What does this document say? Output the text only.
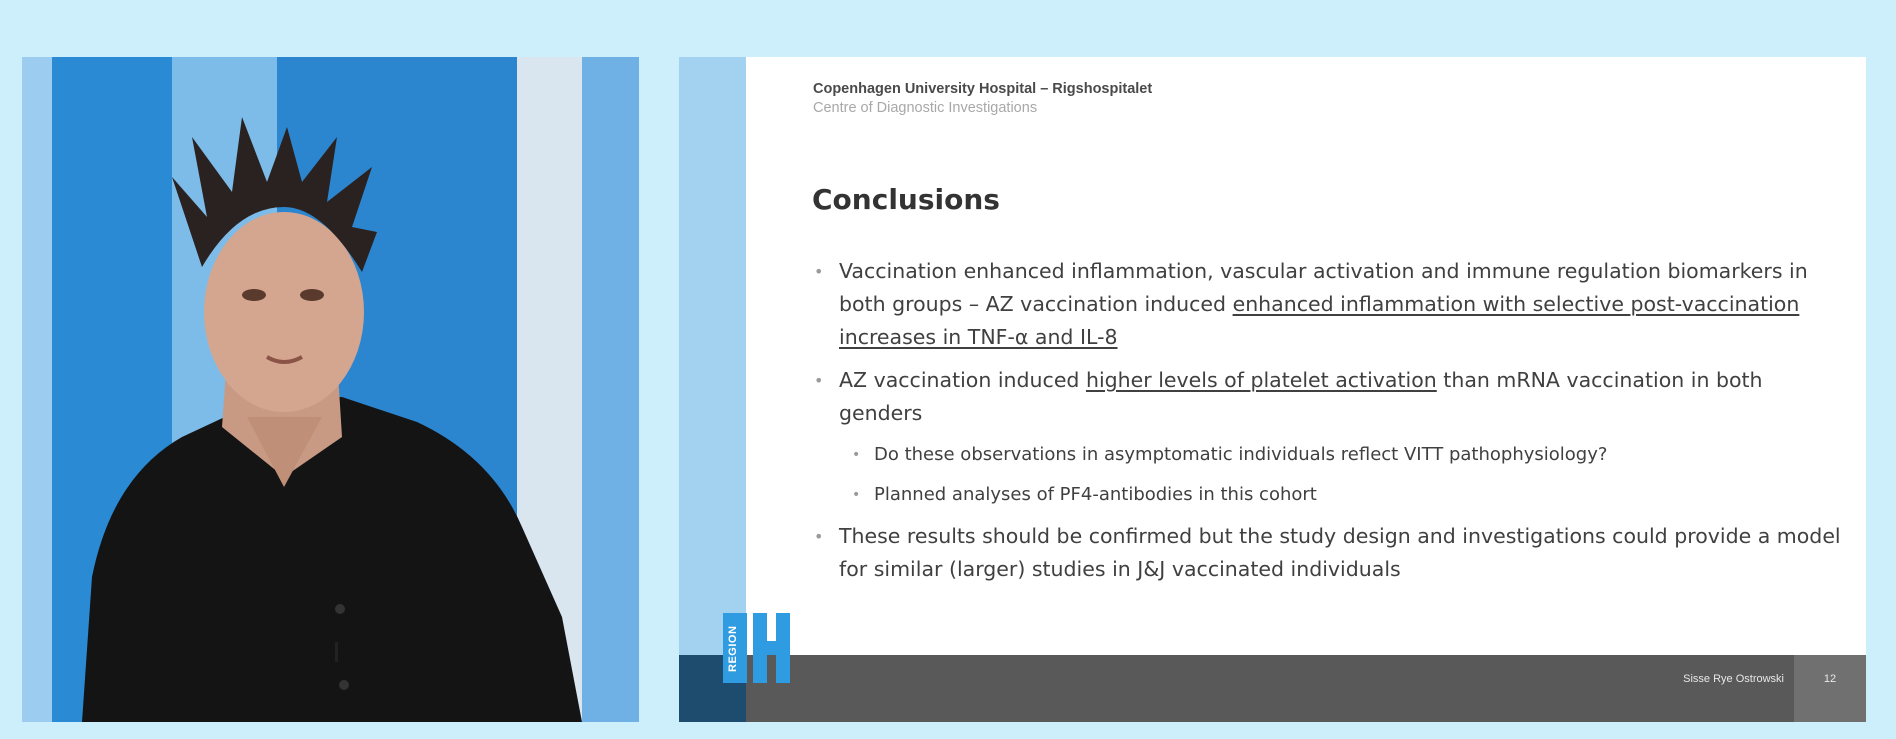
Copenhagen University Hospital – Rigshospitalet
Centre of Diagnostic Investigations
Conclusions
• Vaccination enhanced inflammation, vascular activation and immune regulation biomarkers in both groups – AZ vaccination induced enhanced inflammation with selective post-vaccination increases in TNF-α and IL-8
• AZ vaccination induced higher levels of platelet activation than mRNA vaccination in both genders
• Do these observations in asymptomatic individuals reflect VITT pathophysiology?
• Planned analyses of PF4-antibodies in this cohort
• These results should be confirmed but the study design and investigations could provide a model for similar (larger) studies in J&J vaccinated individuals
Sisse Rye Ostrowski	12
REGION
